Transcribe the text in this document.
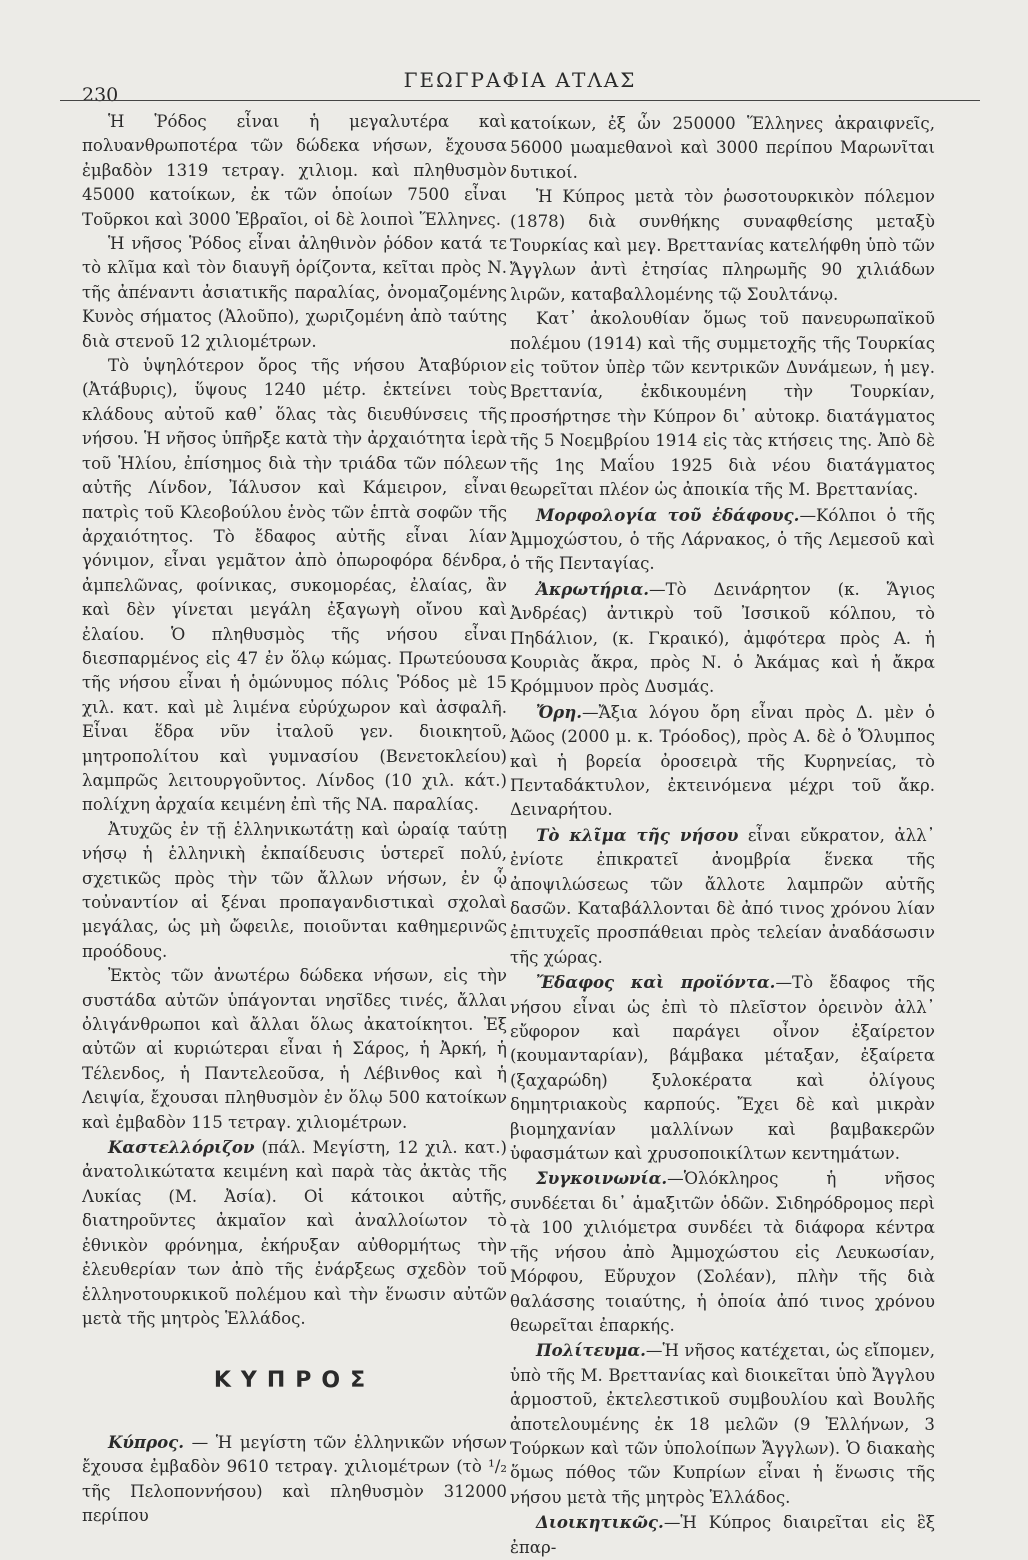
230
ΓΕΩΓΡΑΦΙΑ ΑΤΛΑΣ

Ἡ Ῥόδος εἶναι ἡ μεγαλυτέρα καὶ πολυανθρωποτέρα τῶν δώδεκα νήσων, ἔχουσα ἐμβαδὸν 1319 τετραγ. χιλιομ. καὶ πληθυσμὸν 45000 κατοίκων, ἐκ τῶν ὁποίων 7500 εἶναι Τοῦρκοι καὶ 3000 Ἑβραῖοι, οἱ δὲ λοιποὶ Ἕλληνες.

Ἡ νῆσος Ῥόδος εἶναι ἀληθινὸν ῥόδον κατά τε τὸ κλῖμα καὶ τὸν διαυγῆ ὁρίζοντα, κεῖται πρὸς Ν. τῆς ἀπέναντι ἀσιατικῆς παραλίας, ὀνομαζομένης Κυνὸς σήματος (Ἀλοῦπο), χωριζομένη ἀπὸ ταύτης διὰ στενοῦ 12 χιλιομέτρων.

Τὸ ὑψηλότερον ὄρος τῆς νήσου Ἀταβύριον (Ἀτάβυρις), ὕψους 1240 μέτρ. ἐκτείνει τοὺς κλάδους αὐτοῦ καθ᾽ ὅλας τὰς διευθύνσεις τῆς νήσου. Ἡ νῆσος ὑπῆρξε κατὰ τὴν ἀρχαιότητα ἱερὰ τοῦ Ἡλίου, ἐπίσημος διὰ τὴν τριάδα τῶν πόλεων αὐτῆς Λίνδον, Ἰάλυσον καὶ Κάμειρον, εἶναι πατρὶς τοῦ Κλεοβούλου ἑνὸς τῶν ἑπτὰ σοφῶν τῆς ἀρχαιότητος. Τὸ ἔδαφος αὐτῆς εἶναι λίαν γόνιμον, εἶναι γεμᾶτον ἀπὸ ὀπωροφόρα δένδρα, ἀμπελῶνας, φοίνικας, συκομορέας, ἐλαίας, ἂν καὶ δὲν γίνεται μεγάλη ἐξαγωγὴ οἴνου καὶ ἐλαίου. Ὁ πληθυσμὸς τῆς νήσου εἶναι διεσπαρμένος εἰς 47 ἐν ὅλῳ κώμας. Πρωτεύουσα τῆς νήσου εἶναι ἡ ὁμώνυμος πόλις Ῥόδος μὲ 15 χιλ. κατ. καὶ μὲ λιμένα εὐρύχωρον καὶ ἀσφαλῆ. Εἶναι ἕδρα νῦν ἰταλοῦ γεν. διοικητοῦ, μητροπολίτου καὶ γυμνασίου (Βενετοκλείου) λαμπρῶς λειτουργοῦντος. Λίνδος (10 χιλ. κάτ.) πολίχνη ἀρχαία κειμένη ἐπὶ τῆς ΝΑ. παραλίας.

Ἀτυχῶς ἐν τῇ ἑλληνικωτάτῃ καὶ ὡραίᾳ ταύτῃ νήσῳ ἡ ἑλληνικὴ ἐκπαίδευσις ὑστερεῖ πολύ, σχετικῶς πρὸς τὴν τῶν ἄλλων νήσων, ἐν ᾧ τοὐναντίον αἱ ξέναι προπαγανδιστικαὶ σχολαὶ μεγάλας, ὡς μὴ ὤφειλε, ποιοῦνται καθημερινῶς προόδους.

Ἐκτὸς τῶν ἀνωτέρω δώδεκα νήσων, εἰς τὴν συστάδα αὐτῶν ὑπάγονται νησῖδες τινές, ἄλλαι ὀλιγάνθρωποι καὶ ἄλλαι ὅλως ἀκατοίκητοι. Ἐξ αὐτῶν αἱ κυριώτεραι εἶναι ἡ Σάρος, ἡ Ἀρκή, ἡ Τέλενδος, ἡ Παντελεοῦσα, ἡ Λέβινθος καὶ ἡ Λειψία, ἔχουσαι πληθυσμὸν ἐν ὅλῳ 500 κατοίκων καὶ ἐμβαδὸν 115 τετραγ. χιλιομέτρων.

Καστελλόριζον (πάλ. Μεγίστη, 12 χιλ. κατ.) ἀνατολικώτατα κειμένη καὶ παρὰ τὰς ἀκτὰς τῆς Λυκίας (Μ. Ἀσία). Οἱ κάτοικοι αὐτῆς, διατηροῦντες ἀκμαῖον καὶ ἀναλλοίωτον τὸ ἐθνικὸν φρόνημα, ἐκήρυξαν αὐθορμήτως τὴν ἐλευθερίαν των ἀπὸ τῆς ἐνάρξεως σχεδὸν τοῦ ἑλληνοτουρκικοῦ πολέμου καὶ τὴν ἕνωσιν αὐτῶν μετὰ τῆς μητρὸς Ἑλλάδος.

ΚΥΠΡΟΣ

Κύπρος. — Ἡ μεγίστη τῶν ἑλληνικῶν νήσων ἔχουσα ἐμβαδὸν 9610 τετραγ. χιλιομέτρων (τὸ ¹/₂ τῆς Πελοποννήσου) καὶ πληθυσμὸν 312000 περίπου

κατοίκων, ἐξ ὧν 250000 Ἕλληνες ἀκραιφνεῖς, 56000 μωαμεθανοὶ καὶ 3000 περίπου Μαρωνῖται δυτικοί.

Ἡ Κύπρος μετὰ τὸν ῥωσοτουρκικὸν πόλεμον (1878) διὰ συνθήκης συναφθείσης μεταξὺ Τουρκίας καὶ μεγ. Βρεττανίας κατελήφθη ὑπὸ τῶν Ἄγγλων ἀντὶ ἐτησίας πληρωμῆς 90 χιλιάδων λιρῶν, καταβαλλομένης τῷ Σουλτάνῳ.

Κατ᾽ ἀκολουθίαν ὅμως τοῦ πανευρωπαϊκοῦ πολέμου (1914) καὶ τῆς συμμετοχῆς τῆς Τουρκίας εἰς τοῦτον ὑπὲρ τῶν κεντρικῶν Δυνάμεων, ἡ μεγ. Βρεττανία, ἐκδικουμένη τὴν Τουρκίαν, προσήρτησε τὴν Κύπρον δι᾽ αὐτοκρ. διατάγματος τῆς 5 Νοεμβρίου 1914 εἰς τὰς κτήσεις της. Ἀπὸ δὲ τῆς 1ης Μαΐου 1925 διὰ νέου διατάγματος θεωρεῖται πλέον ὡς ἀποικία τῆς Μ. Βρεττανίας.

Μορφολογία τοῦ ἐδάφους.—Κόλποι ὁ τῆς Ἀμμοχώστου, ὁ τῆς Λάρνακος, ὁ τῆς Λεμεσοῦ καὶ ὁ τῆς Πενταγίας.

Ἀκρωτήρια.—Τὸ Δεινάρητον (κ. Ἅγιος Ἀνδρέας) ἀντικρὺ τοῦ Ἰσσικοῦ κόλπου, τὸ Πηδάλιον, (κ. Γκραικό), ἀμφότερα πρὸς Α. ἡ Κουριὰς ἄκρα, πρὸς Ν. ὁ Ἀκάμας καὶ ἡ ἄκρα Κρόμμυον πρὸς Δυσμάς.

Ὄρη.—Ἄξια λόγου ὄρη εἶναι πρὸς Δ. μὲν ὁ Ἀῶος (2000 μ. κ. Τρόοδος), πρὸς Α. δὲ ὁ Ὄλυμπος καὶ ἡ βορεία ὀροσειρὰ τῆς Κυρηνείας, τὸ Πενταδάκτυλον, ἐκτεινόμενα μέχρι τοῦ ἄκρ. Δειναρήτου.

Τὸ κλῖμα τῆς νήσου εἶναι εὔκρατον, ἀλλ᾽ ἐνίοτε ἐπικρατεῖ ἀνομβρία ἕνεκα τῆς ἀποψιλώσεως τῶν ἄλλοτε λαμπρῶν αὐτῆς δασῶν. Καταβάλλονται δὲ ἀπό τινος χρόνου λίαν ἐπιτυχεῖς προσπάθειαι πρὸς τελείαν ἀναδάσωσιν τῆς χώρας.

Ἔδαφος καὶ προϊόντα.—Τὸ ἔδαφος τῆς νήσου εἶναι ὡς ἐπὶ τὸ πλεῖστον ὀρεινὸν ἀλλ᾽ εὔφορον καὶ παράγει οἶνον ἐξαίρετον (κουμανταρίαν), βάμβακα μέταξαν, ἐξαίρετα (ξαχαρώδη) ξυλοκέρατα καὶ ὀλίγους δημητριακοὺς καρπούς. Ἔχει δὲ καὶ μικρὰν βιομηχανίαν μαλλίνων καὶ βαμβακερῶν ὑφασμάτων καὶ χρυσοποικίλτων κεντημάτων.

Συγκοινωνία.—Ὁλόκληρος ἡ νῆσος συνδέεται δι᾽ ἁμαξιτῶν ὁδῶν. Σιδηρόδρομος περὶ τὰ 100 χιλιόμετρα συνδέει τὰ διάφορα κέντρα τῆς νήσου ἀπὸ Ἀμμοχώστου εἰς Λευκωσίαν, Μόρφου, Εὔρυχον (Σολέαν), πλὴν τῆς διὰ θαλάσσης τοιαύτης, ἡ ὁποία ἀπό τινος χρόνου θεωρεῖται ἐπαρκής.

Πολίτευμα.—Ἡ νῆσος κατέχεται, ὡς εἴπομεν, ὑπὸ τῆς Μ. Βρεττανίας καὶ διοικεῖται ὑπὸ Ἄγγλου ἁρμοστοῦ, ἐκτελεστικοῦ συμβουλίου καὶ Βουλῆς ἀποτελουμένης ἐκ 18 μελῶν (9 Ἑλλήνων, 3 Τούρκων καὶ τῶν ὑπολοίπων Ἄγγλων). Ὁ διακαὴς ὅμως πόθος τῶν Κυπρίων εἶναι ἡ ἕνωσις τῆς νήσου μετὰ τῆς μητρὸς Ἑλλάδος.

Διοικητικῶς.—Ἡ Κύπρος διαιρεῖται εἰς ἓξ ἐπαρ-
